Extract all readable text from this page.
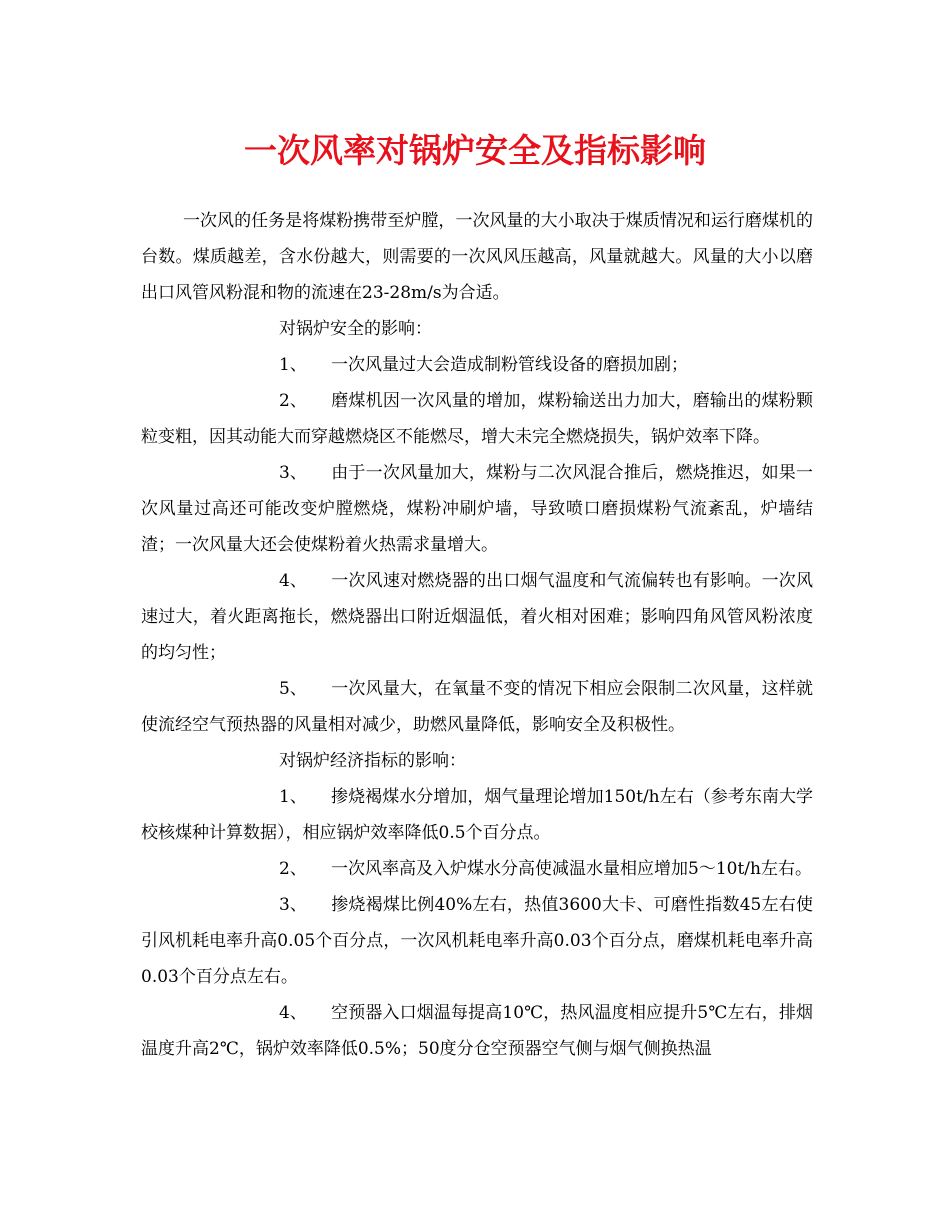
一次风率对锅炉安全及指标影响

一次风的任务是将煤粉携带至炉膛，一次风量的大小取决于煤质情况和运行磨煤机的台数。煤质越差，含水份越大，则需要的一次风风压越高，风量就越大。风量的大小以磨出口风管风粉混和物的流速在23-28m/s为合适。

对锅炉安全的影响：

1、 一次风量过大会造成制粉管线设备的磨损加剧；

2、 磨煤机因一次风量的增加，煤粉输送出力加大，磨输出的煤粉颗粒变粗，因其动能大而穿越燃烧区不能燃尽，增大未完全燃烧损失，锅炉效率下降。

3、 由于一次风量加大，煤粉与二次风混合推后，燃烧推迟，如果一次风量过高还可能改变炉膛燃烧，煤粉冲刷炉墙，导致喷口磨损煤粉气流紊乱，炉墙结渣；一次风量大还会使煤粉着火热需求量增大。

4、 一次风速对燃烧器的出口烟气温度和气流偏转也有影响。一次风速过大，着火距离拖长，燃烧器出口附近烟温低，着火相对困难；影响四角风管风粉浓度的均匀性；

5、 一次风量大，在氧量不变的情况下相应会限制二次风量，这样就使流经空气预热器的风量相对减少，助燃风量降低，影响安全及积极性。

对锅炉经济指标的影响：

1、 掺烧褐煤水分增加，烟气量理论增加150t/h左右（参考东南大学校核煤种计算数据），相应锅炉效率降低0.5个百分点。

2、 一次风率高及入炉煤水分高使减温水量相应增加5～10t/h左右。

3、 掺烧褐煤比例40%左右，热值3600大卡、可磨性指数45左右使引风机耗电率升高0.05个百分点，一次风机耗电率升高0.03个百分点，磨煤机耗电率升高0.03个百分点左右。

4、 空预器入口烟温每提高10℃，热风温度相应提升5℃左右，排烟温度升高2℃，锅炉效率降低0.5%；50度分仓空预器空气侧与烟气侧换热温
